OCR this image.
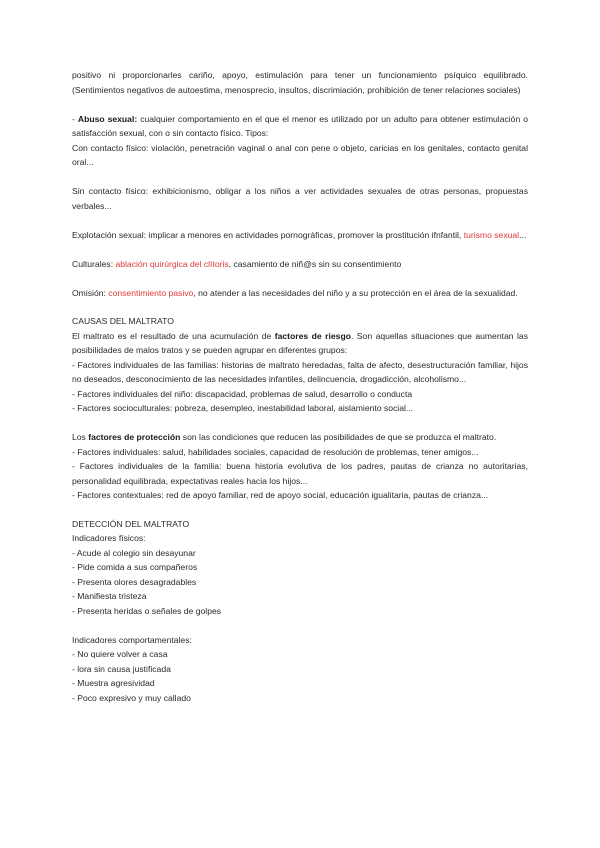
positivo ni proporcionarles cariño, apoyo, estimulación para tener un funcionamiento psíquico equilibrado. (Sentimientos negativos de autoestima, menosprecio, insultos, discrimiación, prohibición de tener relaciones sociales)

- Abuso sexual: cualquier comportamiento en el que el menor es utilizado por un adulto para obtener estimulación o satisfacción sexual, con o sin contacto físico. Tipos:

Con contacto físico: violación, penetración vaginal o anal con pene o objeto, caricias en los genitales, contacto genital oral...

Sin contacto físico: exhibicionismo, obligar a los niños a ver actividades sexuales de otras personas, propuestas verbales...

Explotación sexual: implicar a menores en actividades pornográficas, promover la prostitución ifnfantil, turismo sexual...

Culturales: ablación quirúrgica del clítoris, casamiento de niñ@s sin su consentimiento

Omisión: consentimiento pasivo, no atender a las necesidades del niño y a su protección en el área de la sexualidad.

CAUSAS DEL MALTRATO

El maltrato es el resultado de una acumulación de factores de riesgo. Son aquellas situaciones que aumentan las posibilidades de malos tratos y se pueden agrupar en diferentes grupos:

- Factores individuales de las familias: historias de maltrato heredadas, falta de afecto, desestructuración familiar, hijos no deseados, desconocimiento de las necesidades infantiles, delincuencia, drogadicción, alcoholismo...

- Factores individuales del niño: discapacidad, problemas de salud, desarrollo o conducta

- Factores socioculturales: pobreza, desempleo, inestabilidad laboral, aislamiento social...

Los factores de protección son las condiciones que reducen las posibilidades de que se produzca el maltrato.

- Factores individuales: salud, habilidades sociales, capacidad de resolución de problemas, tener amigos...

- Factores individuales de la familia: buena historia evolutiva de los padres, pautas de crianza no autoritarias, personalidad equilibrada, expectativas reales hacia los hijos...

- Factores contextuales: red de apoyo familiar, red de apoyo social, educación igualitaria, pautas de crianza...

DETECCIÓN DEL MALTRATO

Indicadores físicos:

- Acude al colegio sin desayunar

- Pide comida a sus compañeros

- Presenta olores desagradables

- Manifiesta tristeza

- Presenta heridas o señales de golpes

Indicadores comportamentales:

- No quiere volver a casa

- lora sin causa justificada

- Muestra agresividad

- Poco expresivo y muy callado
